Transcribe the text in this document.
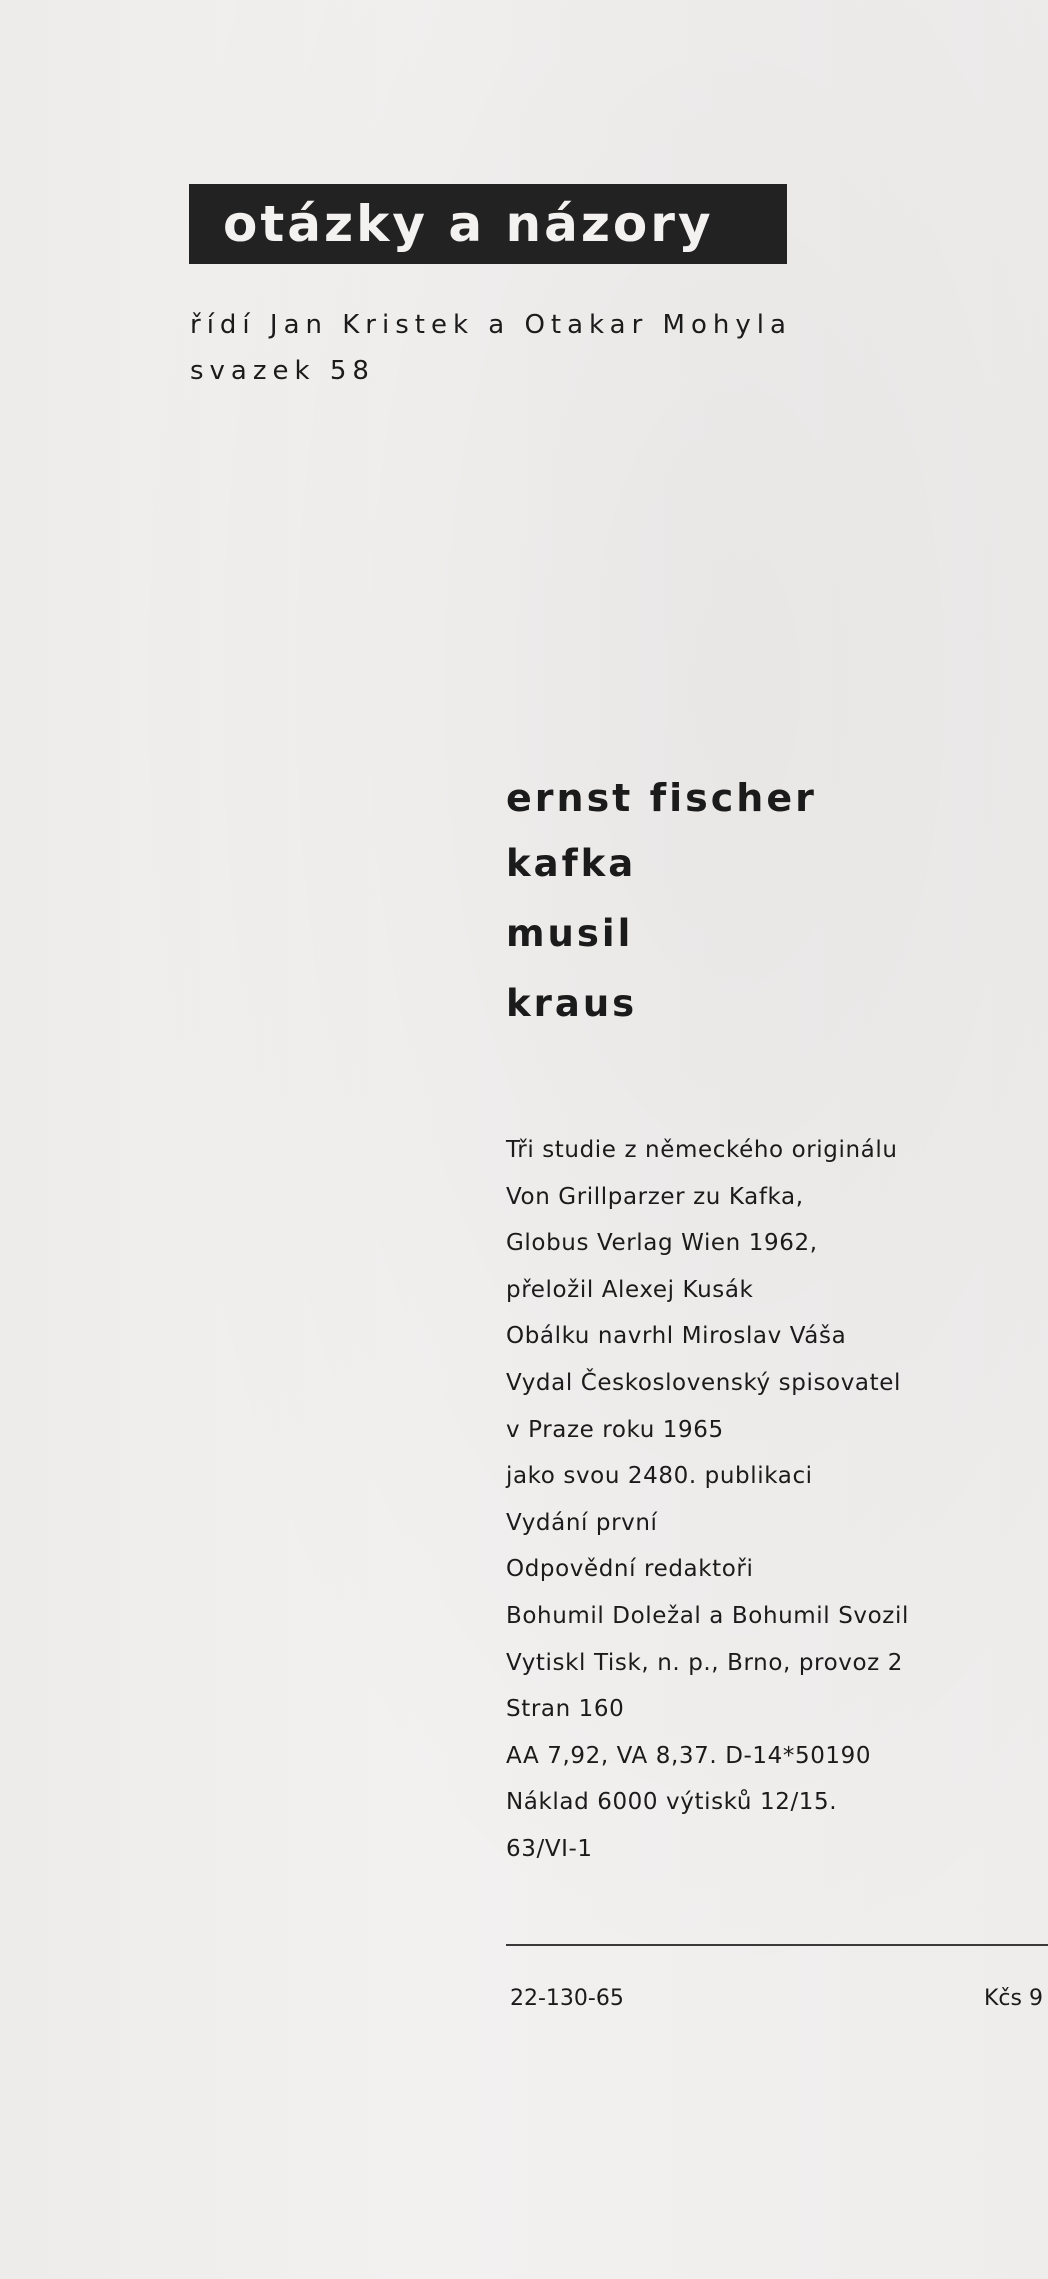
otázky a názory
řídí Jan Kristek a Otakar Mohyla
svazek 58
ernst fischer
kafka
musil
kraus
Tři studie z německého originálu
Von Grillparzer zu Kafka,
Globus Verlag Wien 1962,
přeložil Alexej Kusák
Obálku navrhl Miroslav Váša
Vydal Československý spisovatel
v Praze roku 1965
jako svou 2480. publikaci
Vydání první
Odpovědní redaktoři
Bohumil Doležal a Bohumil Svozil
Vytiskl Tisk, n. p., Brno, provoz 2
Stran 160
AA 7,92, VA 8,37. D-14*50190
Náklad 6000 výtisků 12/15.
63/VI-1
22-130-65	Kčs 9
